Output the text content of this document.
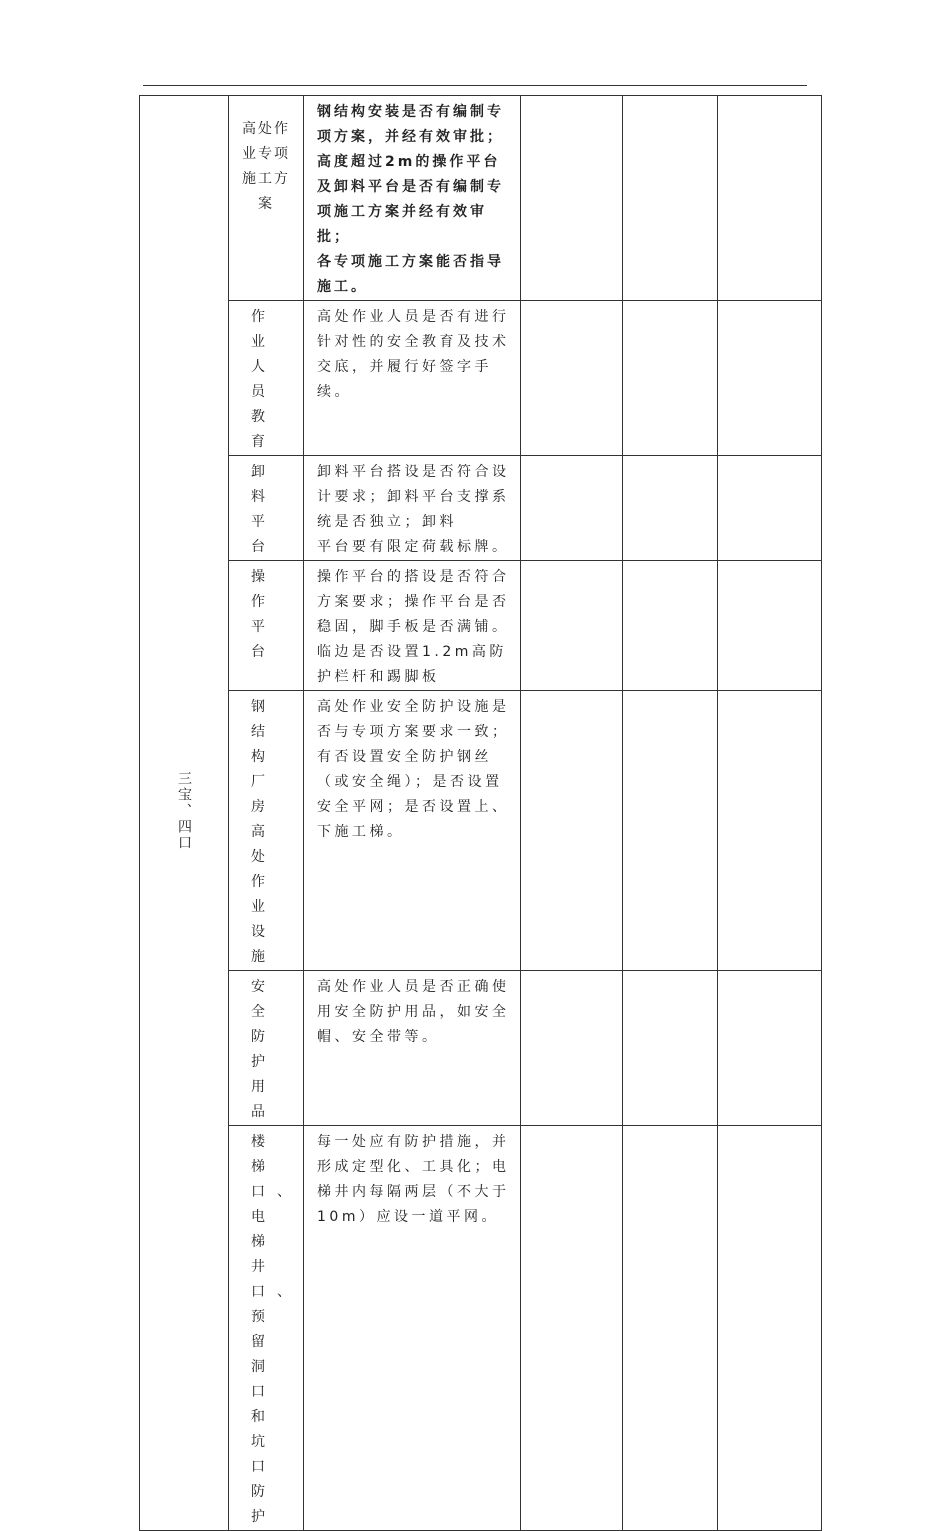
三宝、四口	高处作业专项施工方案	钢结构安装是否有编制专项方案，并经有效审批；
高度超过2m的操作平台及卸料平台是否有编制专项施工方案并经有效审批；
各专项施工方案能否指导施工。			
	作业人员教育	高处作业人员是否有进行针对性的安全教育及技术交底，并履行好签字手续。			
	卸料平台	卸料平台搭设是否符合设计要求；卸料平台支撑系统是否独立；卸料
平台要有限定荷载标牌。			
	操作平台	操作平台的搭设是否符合方案要求；操作平台是否稳固，脚手板是否满铺。
临边是否设置1.2m高防护栏杆和踢脚板			
	钢结构厂房高处作业设施	高处作业安全防护设施是否与专项方案要求一致；有否设置安全防护钢丝（或安全绳）；是否设置安全平网；是否设置上、下施工梯。			
	安全防护用品	高处作业人员是否正确使用安全防护用品，如安全帽、安全带等。			
	楼梯口、电梯井口、预留洞口和坑口防护	每一处应有防护措施，并形成定型化、工具化；电梯井内每隔两层（不大于10m）应设一道平网。			
